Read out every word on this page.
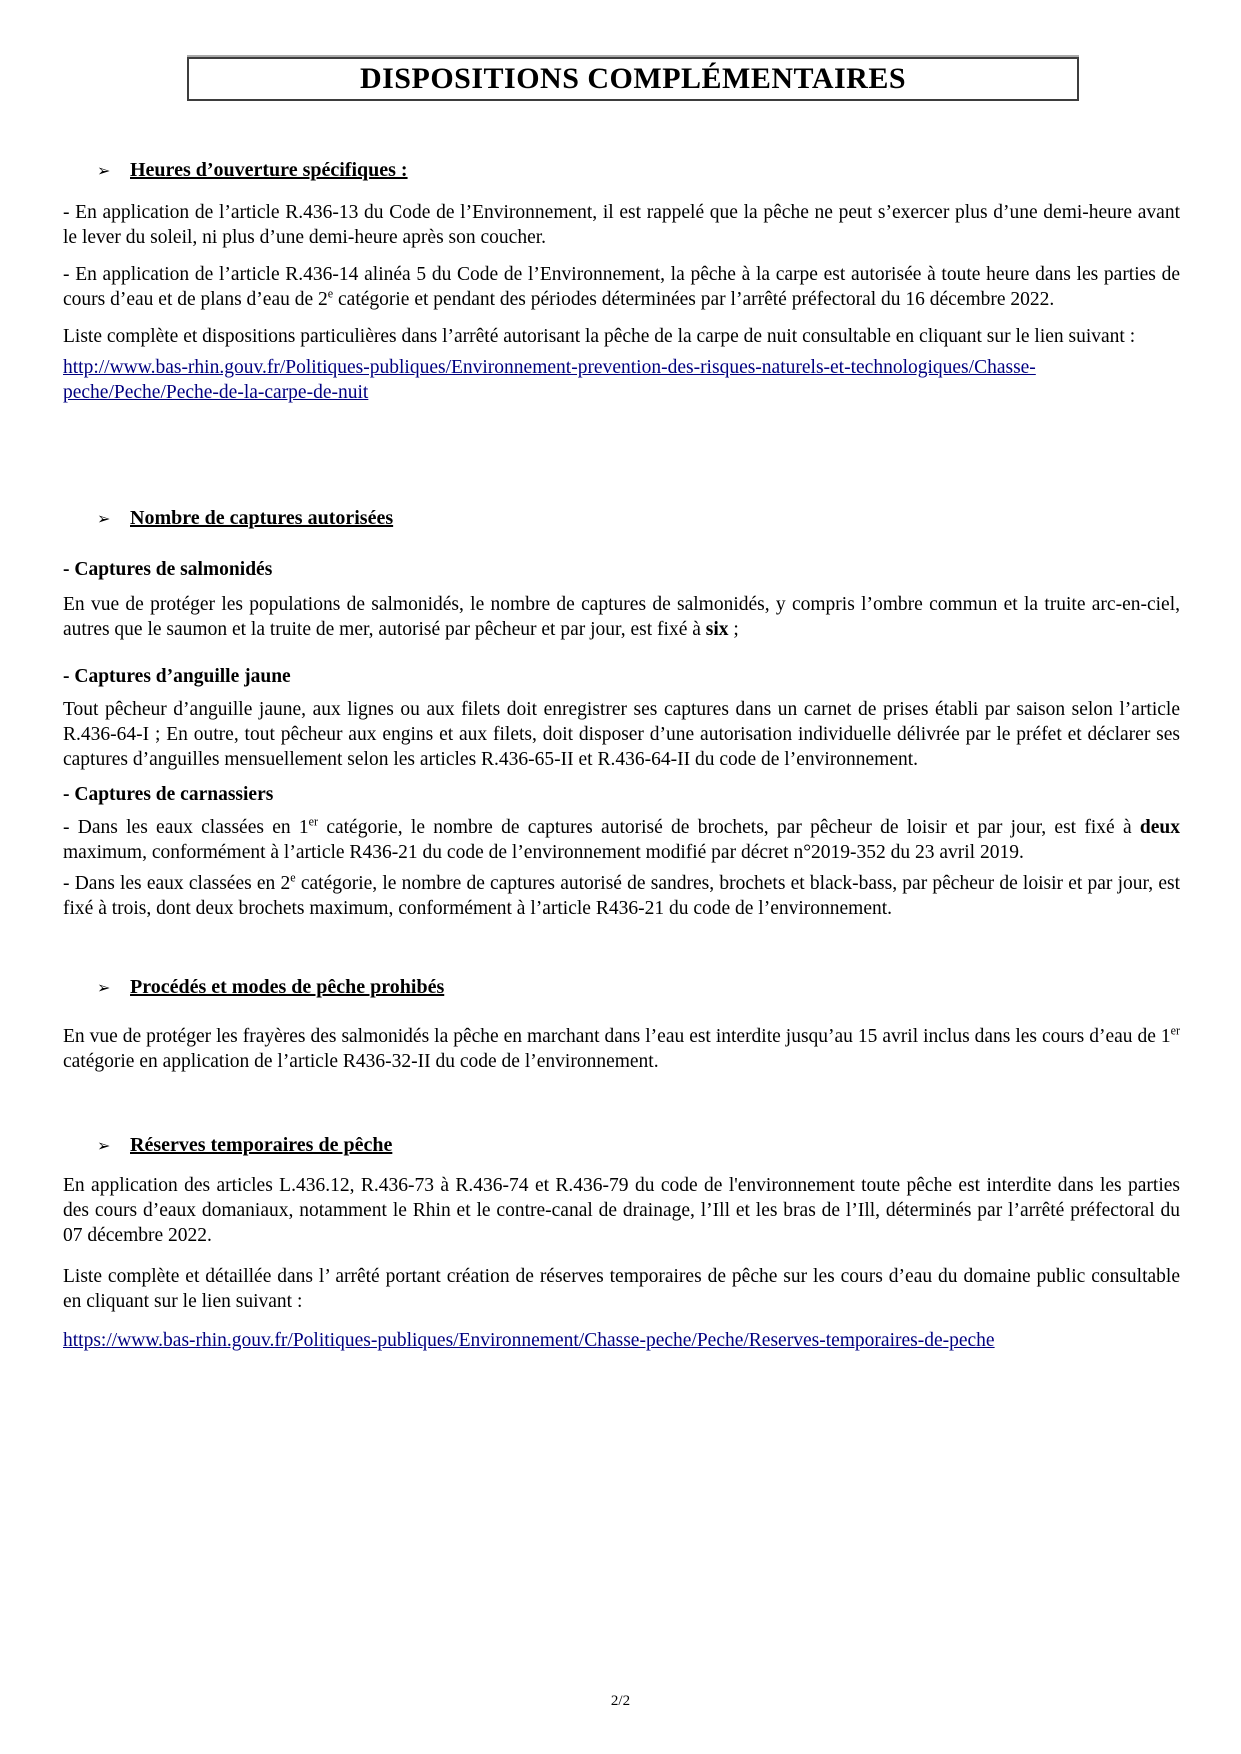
DISPOSITIONS COMPLÉMENTAIRES
➢ Heures d’ouverture spécifiques :

- En application de l’article R.436-13 du Code de l’Environnement, il est rappelé que la pêche ne peut s’exercer plus d’une demi-heure avant le lever du soleil, ni plus d’une demi-heure après son coucher.

- En application de l’article R.436-14 alinéa 5 du Code de l’Environnement, la pêche à la carpe est autorisée à toute heure dans les parties de cours d’eau et de plans d’eau de 2e catégorie et pendant des périodes déterminées par l’arrêté préfectoral du 16 décembre 2022.

Liste complète et dispositions particulières dans l’arrêté autorisant la pêche de la carpe de nuit consultable en cliquant sur le lien suivant :

http://www.bas-rhin.gouv.fr/Politiques-publiques/Environnement-prevention-des-risques-naturels-et-technologiques/Chasse-peche/Peche/Peche-de-la-carpe-de-nuit

➢ Nombre de captures autorisées

- Captures de salmonidés

En vue de protéger les populations de salmonidés, le nombre de captures de salmonidés, y compris l’ombre commun et la truite arc-en-ciel, autres que le saumon et la truite de mer, autorisé par pêcheur et par jour, est fixé à six ;

- Captures d’anguille jaune

Tout pêcheur d’anguille jaune, aux lignes ou aux filets doit enregistrer ses captures dans un carnet de prises établi par saison selon l’article R.436-64-I ; En outre, tout pêcheur aux engins et aux filets, doit disposer d’une autorisation individuelle délivrée par le préfet et déclarer ses captures d’anguilles mensuellement selon les articles R.436-65-II et R.436-64-II du code de l’environnement.

- Captures de carnassiers

- Dans les eaux classées en 1er catégorie, le nombre de captures autorisé de brochets, par pêcheur de loisir et par jour, est fixé à deux maximum, conformément à l’article R436-21 du code de l’environnement modifié par décret n°2019-352 du 23 avril 2019.

- Dans les eaux classées en 2e catégorie, le nombre de captures autorisé de sandres, brochets et black-bass, par pêcheur de loisir et par jour, est fixé à trois, dont deux brochets maximum, conformément à l’article R436-21 du code de l’environnement.

➢ Procédés et modes de pêche prohibés

En vue de protéger les frayères des salmonidés la pêche en marchant dans l’eau est interdite jusqu’au 15 avril inclus dans les cours d’eau de 1er catégorie en application de l’article R436-32-II du code de l’environnement.

➢ Réserves temporaires de pêche

En application des articles L.436.12, R.436-73 à R.436-74 et R.436-79 du code de l'environnement toute pêche est interdite dans les parties des cours d’eaux domaniaux, notamment le Rhin et le contre-canal de drainage, l’Ill et les bras de l’Ill, déterminés par l’arrêté préfectoral du 07 décembre 2022.

Liste complète et détaillée dans l’ arrêté portant création de réserves temporaires de pêche sur les cours d’eau du domaine public consultable en cliquant sur le lien suivant :

https://www.bas-rhin.gouv.fr/Politiques-publiques/Environnement/Chasse-peche/Peche/Reserves-temporaires-de-peche

2/2
